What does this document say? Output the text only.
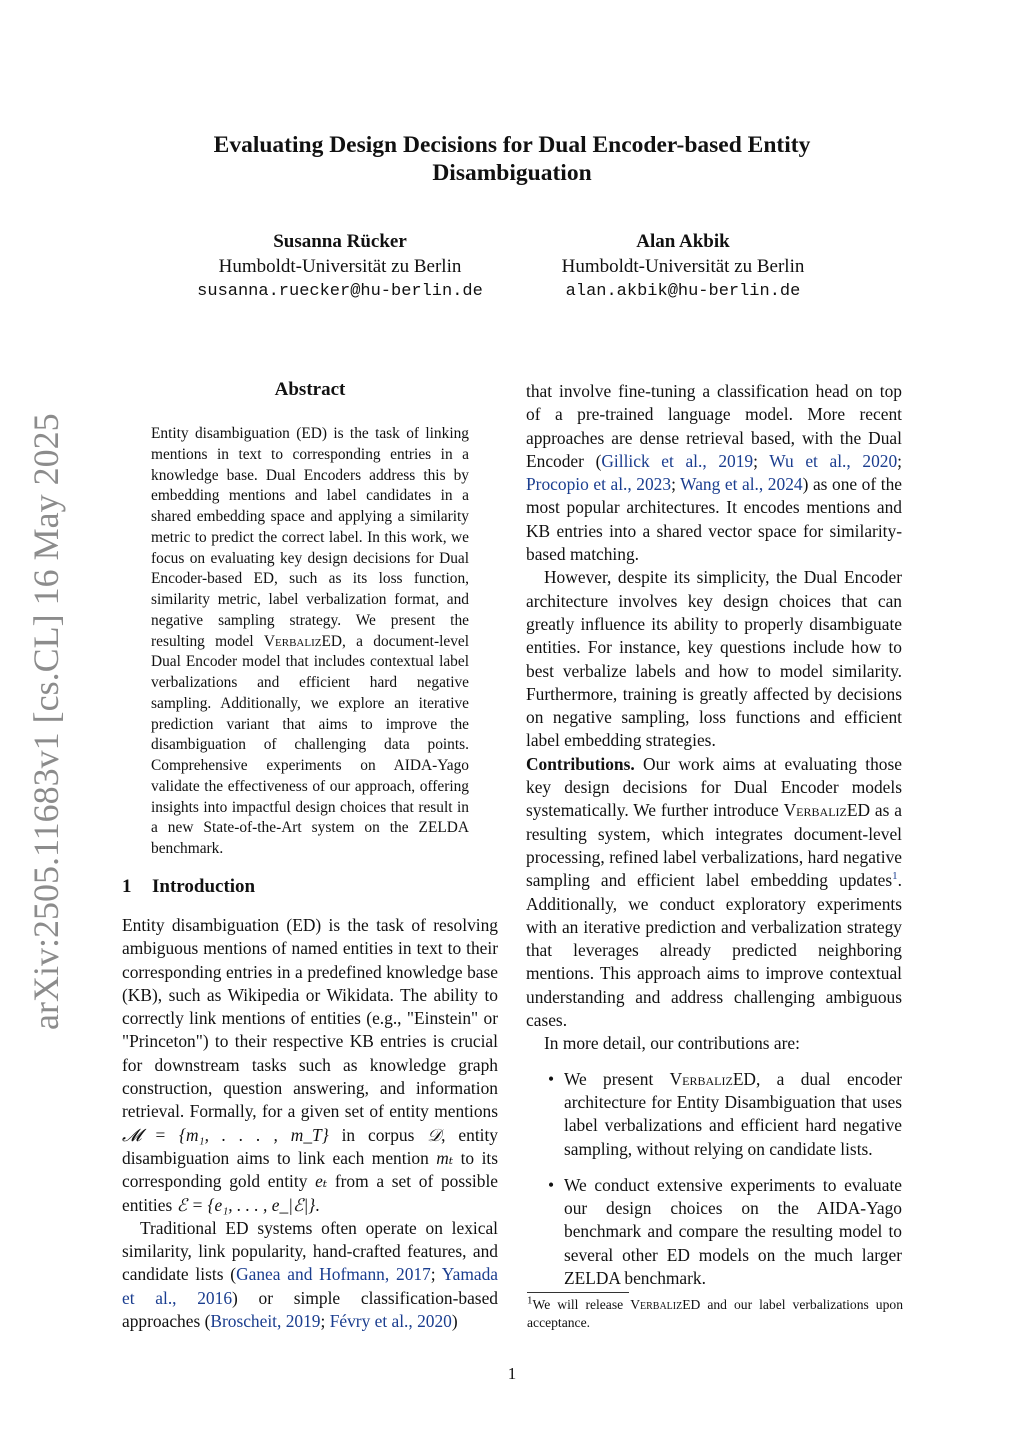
Evaluating Design Decisions for Dual Encoder-based Entity
Disambiguation
Susanna Rücker
Humboldt-Universität zu Berlin
susanna.ruecker@hu-berlin.de
Alan Akbik
Humboldt-Universität zu Berlin
alan.akbik@hu-berlin.de
arXiv:2505.11683v1 [cs.CL] 16 May 2025
Abstract
Entity disambiguation (ED) is the task of linking mentions in text to corresponding entries in a knowledge base. Dual Encoders address this by embedding mentions and label candidates in a shared embedding space and applying a similarity metric to predict the correct label. In this work, we focus on evaluating key design decisions for Dual Encoder-based ED, such as its loss function, similarity metric, label verbalization format, and negative sampling strategy. We present the resulting model VerbalizED, a document-level Dual Encoder model that includes contextual label verbalizations and efficient hard negative sampling. Additionally, we explore an iterative prediction variant that aims to improve the disambiguation of challenging data points. Comprehensive experiments on AIDA-Yago validate the effectiveness of our approach, offering insights into impactful design choices that result in a new State-of-the-Art system on the ZELDA benchmark.
1 Introduction

Entity disambiguation (ED) is the task of resolving ambiguous mentions of named entities in text to their corresponding entries in a predefined knowledge base (KB), such as Wikipedia or Wikidata. The ability to correctly link mentions of entities (e.g., "Einstein" or "Princeton") to their respective KB entries is crucial for downstream tasks such as knowledge graph construction, question answering, and information retrieval. Formally, for a given set of entity mentions 𝓜 = {m₁, . . . , m_T} in corpus 𝒟, entity disambiguation aims to link each mention mₜ to its corresponding gold entity eₜ from a set of possible entities ℰ = {e₁, . . . , e_|ℰ|}.

Traditional ED systems often operate on lexical similarity, link popularity, hand-crafted features, and candidate lists (Ganea and Hofmann, 2017; Yamada et al., 2016) or simple classification-based approaches (Broscheit, 2019; Févry et al., 2020)

that involve fine-tuning a classification head on top of a pre-trained language model. More recent approaches are dense retrieval based, with the Dual Encoder (Gillick et al., 2019; Wu et al., 2020; Procopio et al., 2023; Wang et al., 2024) as one of the most popular architectures. It encodes mentions and KB entries into a shared vector space for similarity-based matching.

However, despite its simplicity, the Dual Encoder architecture involves key design choices that can greatly influence its ability to properly disambiguate entities. For instance, key questions include how to best verbalize labels and how to model similarity. Furthermore, training is greatly affected by decisions on negative sampling, loss functions and efficient label embedding strategies.

Contributions. Our work aims at evaluating those key design decisions for Dual Encoder models systematically. We further introduce VerbalizED as a resulting system, which integrates document-level processing, refined label verbalizations, hard negative sampling and efficient label embedding updates$^1$. Additionally, we conduct exploratory experiments with an iterative prediction and verbalization strategy that leverages already predicted neighboring mentions. This approach aims to improve contextual understanding and address challenging ambiguous cases.

In more detail, our contributions are:

• We present VerbalizED, a dual encoder architecture for Entity Disambiguation that uses label verbalizations and efficient hard negative sampling, without relying on candidate lists.
• We conduct extensive experiments to evaluate our design choices on the AIDA-Yago benchmark and compare the resulting model to several other ED models on the much larger ZELDA benchmark.
$^1$We will release VerbalizED and our label verbalizations upon acceptance.
1
